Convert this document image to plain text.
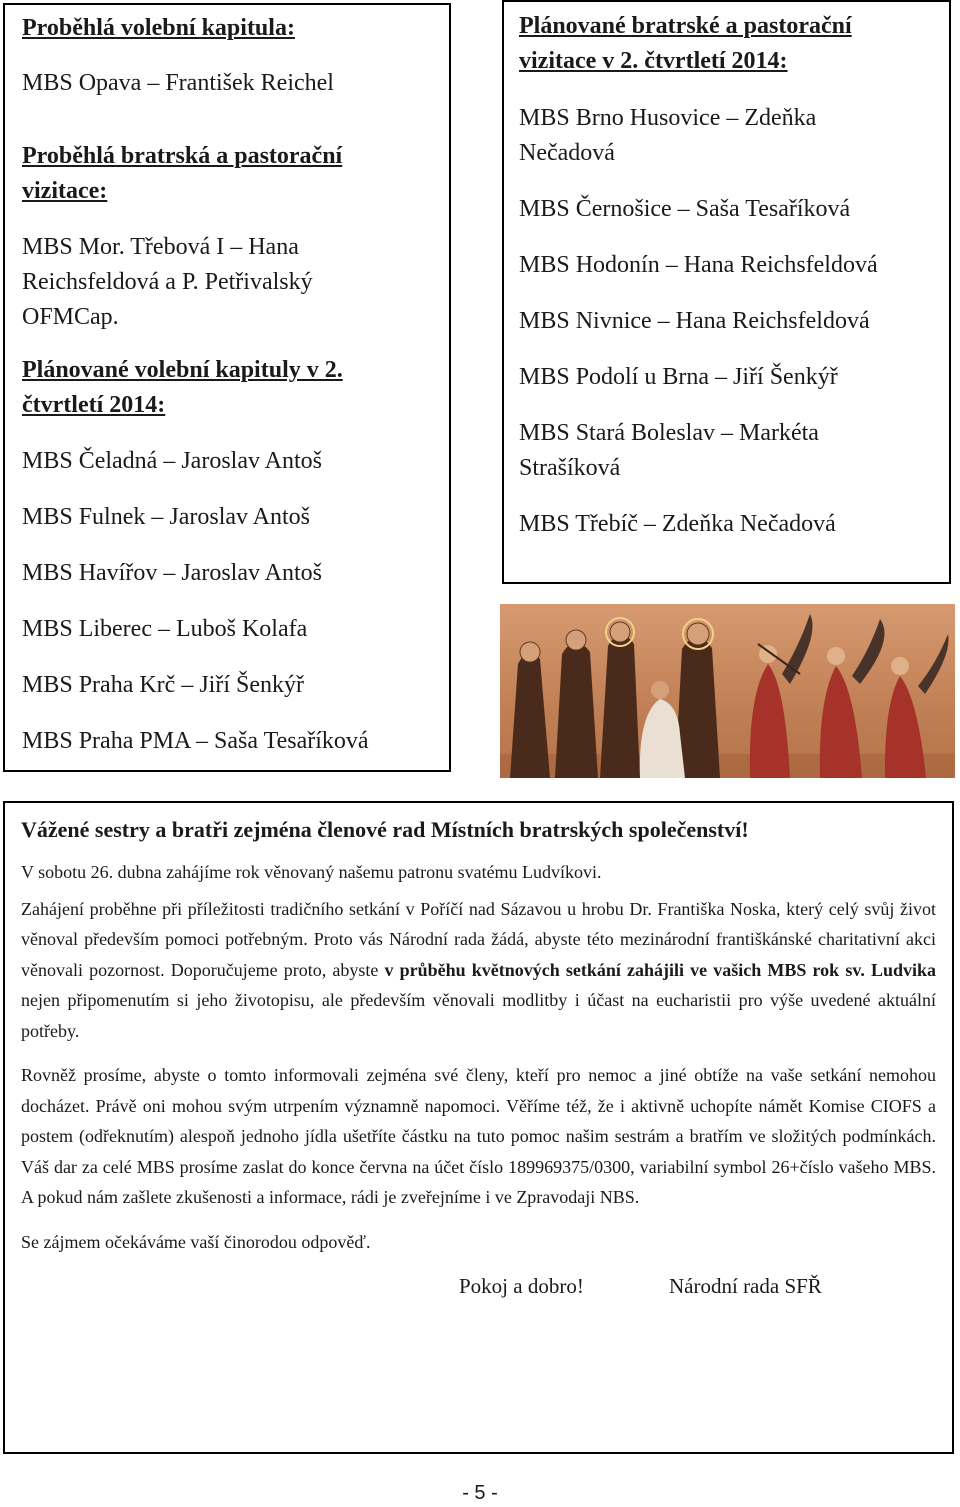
Proběhlá volební kapitula:

MBS Opava – František Reichel

Proběhlá bratrská a pastorační vizitace:

MBS Mor. Třebová I – Hana

Reichsfeldová a P. Petřivalský

OFMCap.

Plánované volební kapituly v 2.

čtvrtletí 2014:

MBS Čeladná – Jaroslav Antoš

MBS Fulnek – Jaroslav Antoš

MBS Havířov – Jaroslav Antoš

MBS Liberec – Luboš Kolafa

MBS Praha Krč – Jiří Šenkýř

MBS Praha PMA – Saša Tesaříková

Plánované bratrské a pastorační

vizitace v 2. čtvrtletí 2014:

MBS Brno Husovice – Zdeňka

Nečadová

MBS Černošice – Saša Tesaříková

MBS Hodonín – Hana Reichsfeldová

MBS Nivnice – Hana Reichsfeldová

MBS Podolí u Brna – Jiří Šenkýř

MBS Stará Boleslav – Markéta

Strašíková

MBS Třebíč – Zdeňka Nečadová

Vážené sestry a bratři zejména členové rad Místních bratrských společenství!

V sobotu 26. dubna zahájíme rok věnovaný našemu patronu svatému Ludvíkovi.

Zahájení proběhne při příležitosti tradičního setkání v Poříčí nad Sázavou u hrobu Dr. Františka Noska, který celý svůj život věnoval především pomoci potřebným. Proto vás Národní rada žádá, abyste této mezinárodní františkánské charitativní akci věnovali pozornost. Doporučujeme proto, abyste v průběhu květnových setkání zahájili ve vašich MBS rok sv. Ludvika nejen připomenutím si jeho životopisu, ale především věnovali modlitby i účast na eucharistii pro výše uvedené aktuální potřeby.

Rovněž prosíme, abyste o tomto informovali zejména své členy, kteří pro nemoc a jiné obtíže na vaše setkání nemohou docházet. Právě oni mohou svým utrpením významně napomoci. Věříme též, že i aktivně uchopíte námět Komise CIOFS a postem (odřeknutím) alespoň jednoho jídla ušetříte částku na tuto pomoc našim sestrám a bratřím ve složitých podmínkách. Váš dar za celé MBS prosíme zaslat do konce června na účet číslo 189969375/0300, variabilní symbol 26+číslo vašeho MBS. A pokud nám zašlete zkušenosti a informace, rádi je zveřejníme i ve Zpravodaji NBS.

Se zájmem očekáváme vaší činorodou odpověď.

Pokoj a dobro!	Národní rada SFŘ
- 5 -
